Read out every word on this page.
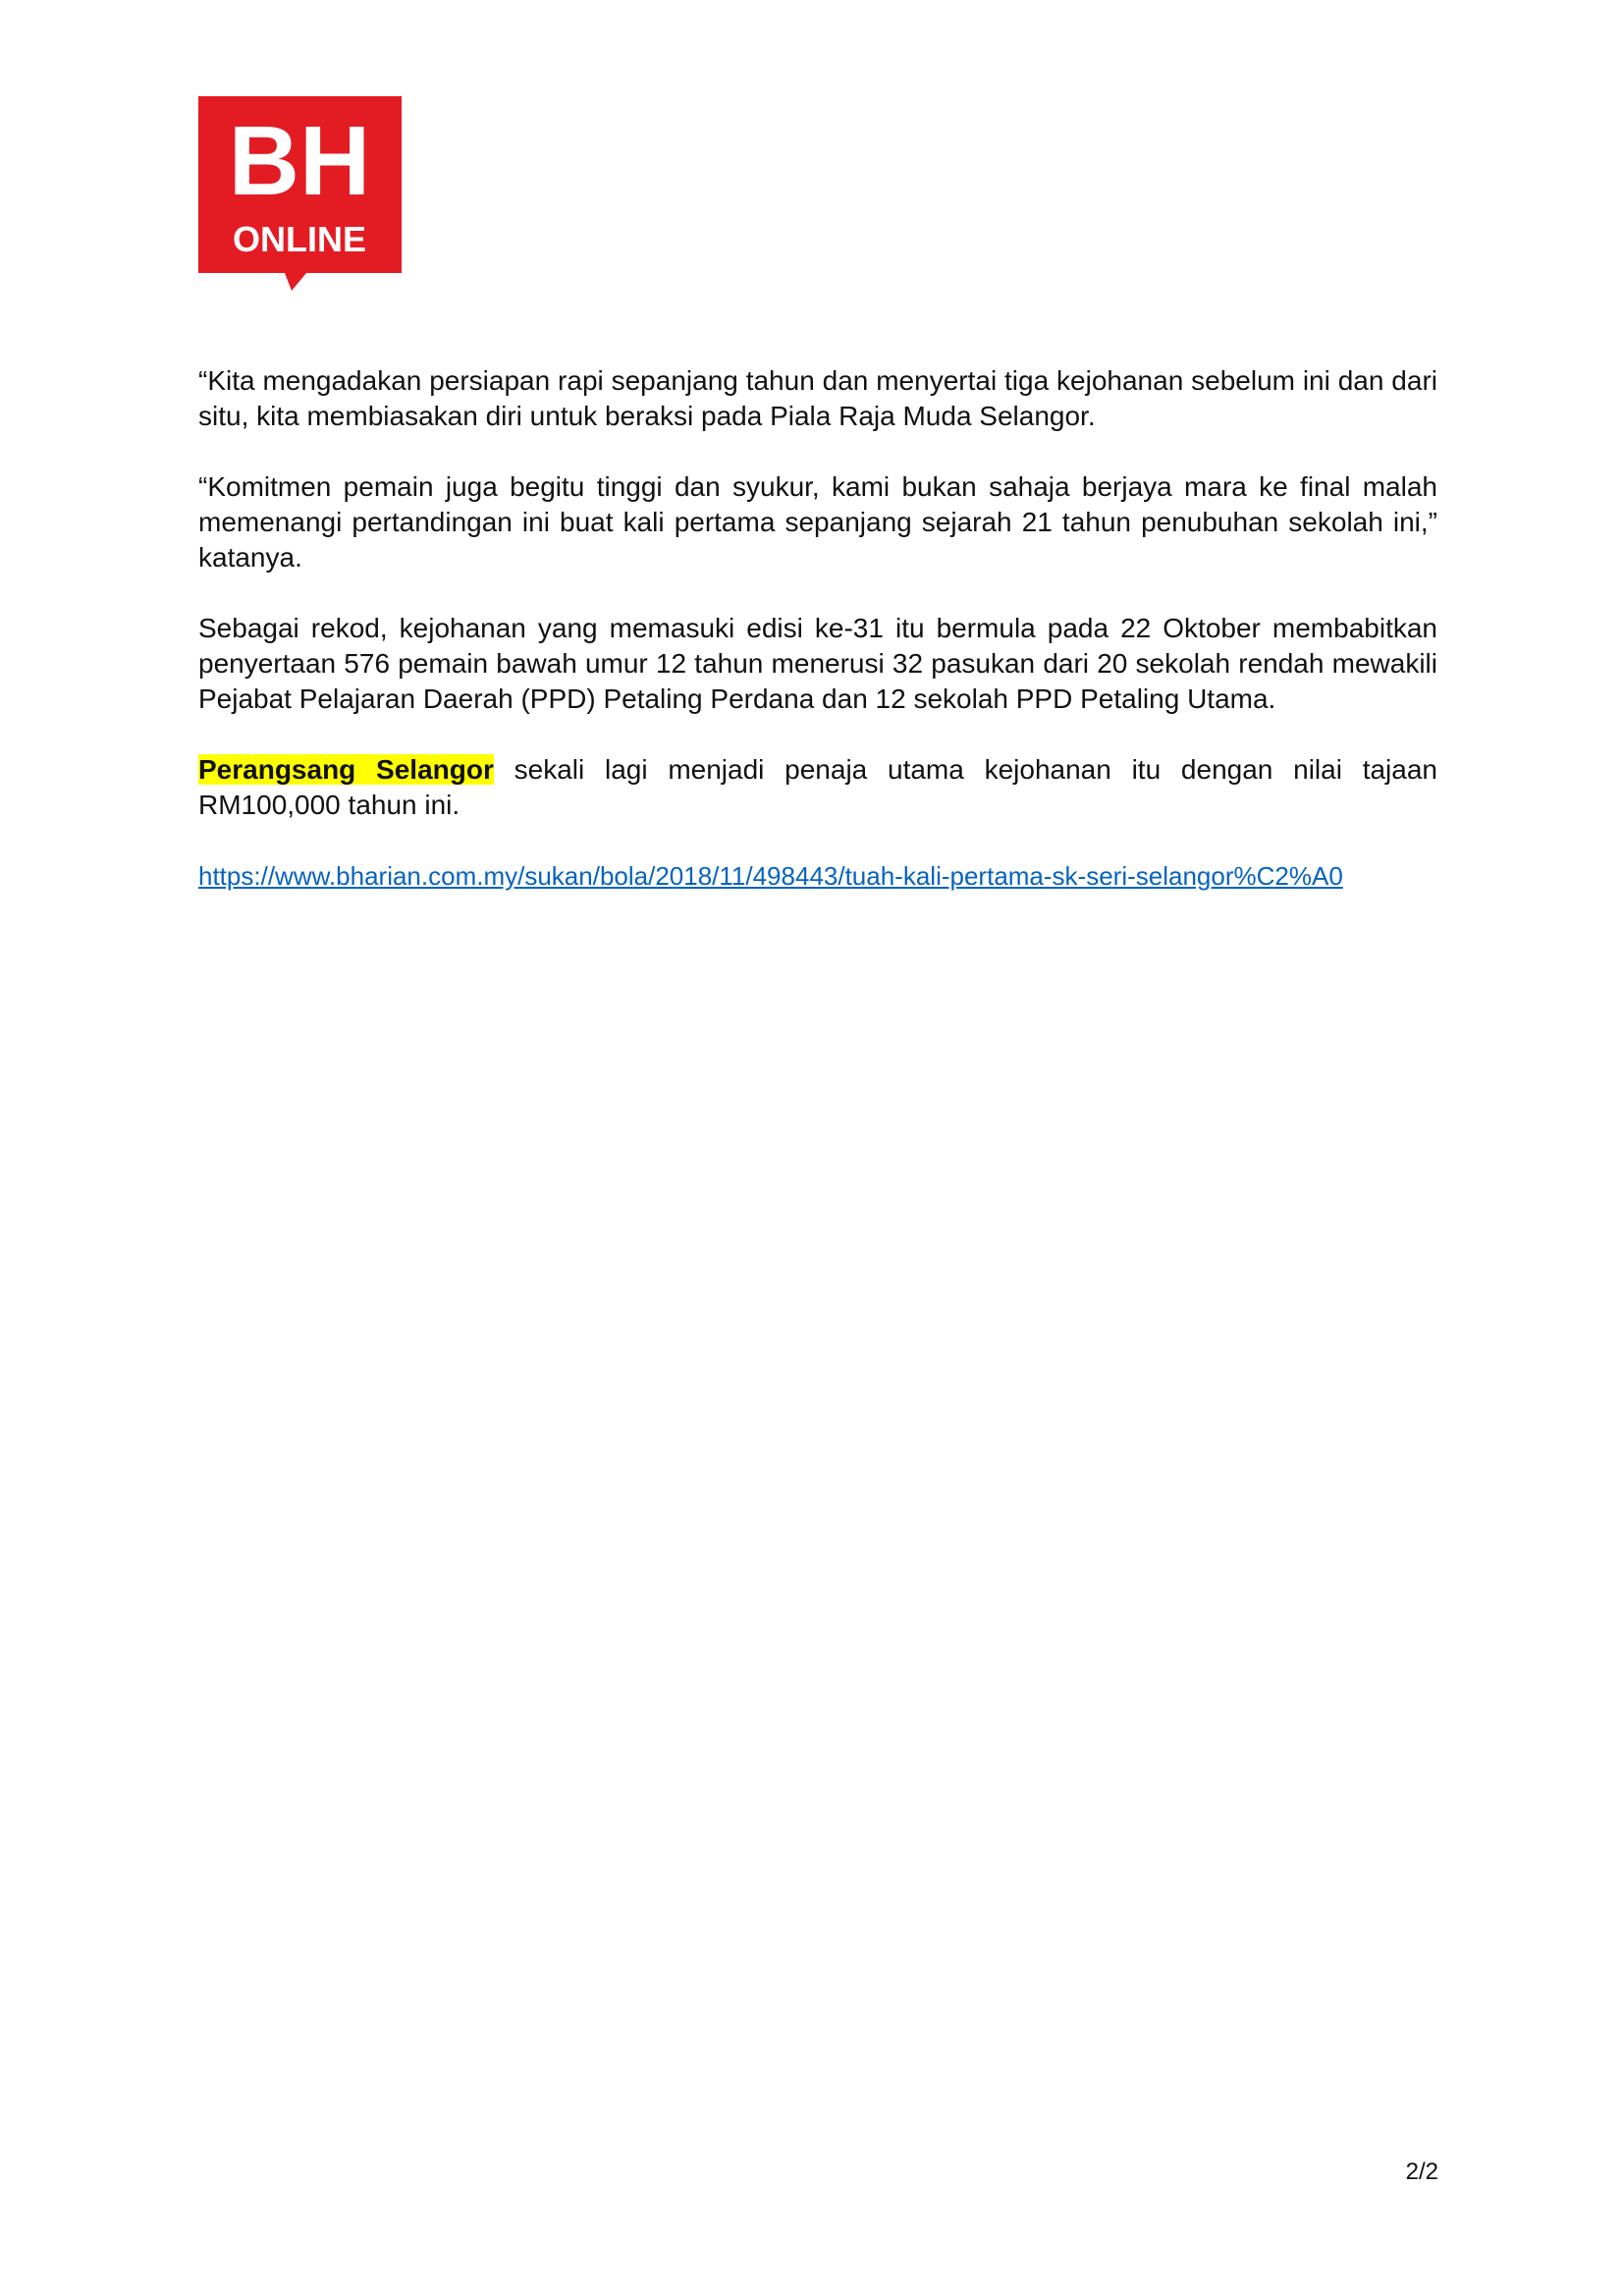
BH
ONLINE

“Kita mengadakan persiapan rapi sepanjang tahun dan menyertai tiga kejohanan sebelum ini dan dari situ, kita membiasakan diri untuk beraksi pada Piala Raja Muda Selangor.

“Komitmen pemain juga begitu tinggi dan syukur, kami bukan sahaja berjaya mara ke final malah memenangi pertandingan ini buat kali pertama sepanjang sejarah 21 tahun penubuhan sekolah ini,” katanya.

Sebagai rekod, kejohanan yang memasuki edisi ke-31 itu bermula pada 22 Oktober membabitkan penyertaan 576 pemain bawah umur 12 tahun menerusi 32 pasukan dari 20 sekolah rendah mewakili Pejabat Pelajaran Daerah (PPD) Petaling Perdana dan 12 sekolah PPD Petaling Utama.

Perangsang Selangor sekali lagi menjadi penaja utama kejohanan itu dengan nilai tajaan RM100,000 tahun ini.

https://www.bharian.com.my/sukan/bola/2018/11/498443/tuah-kali-pertama-sk-seri-selangor%C2%A0

2/2
